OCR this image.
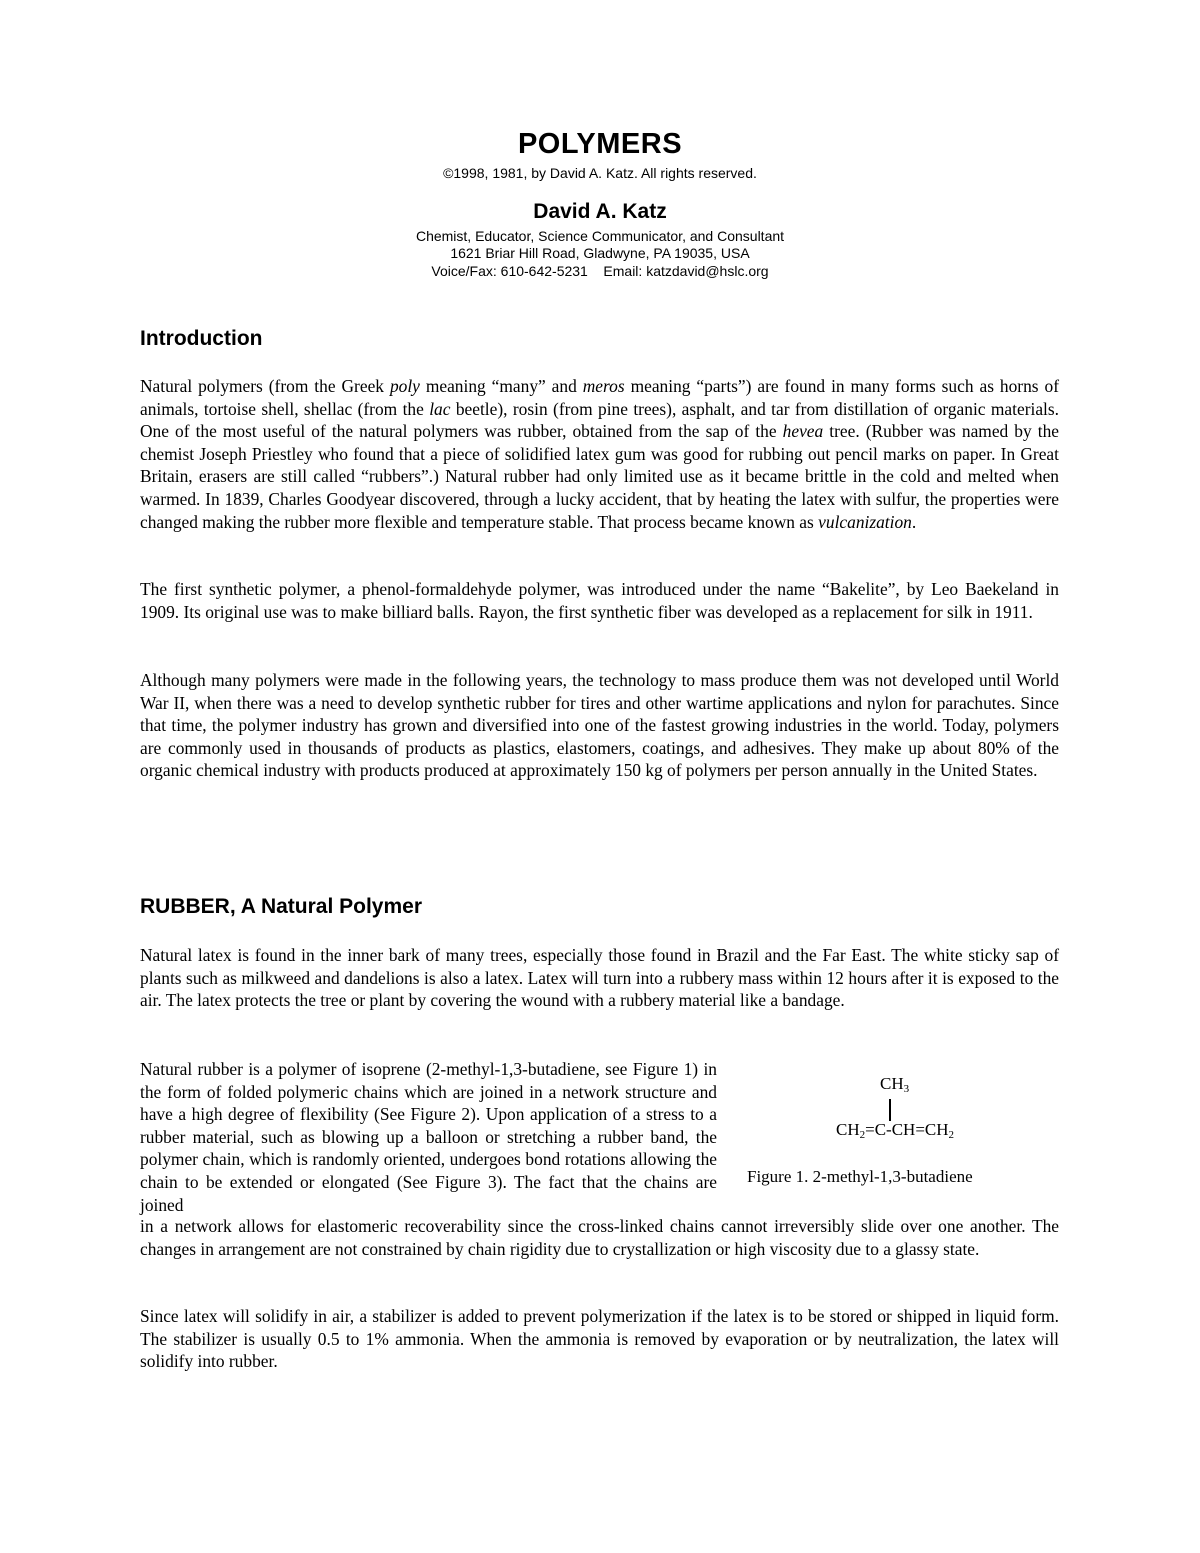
POLYMERS
©1998, 1981, by David A. Katz. All rights reserved.
David A. Katz
Chemist, Educator, Science Communicator, and Consultant
1621 Briar Hill Road, Gladwyne, PA 19035, USA
Voice/Fax: 610-642-5231    Email: katzdavid@hslc.org
Introduction

Natural polymers (from the Greek poly meaning “many” and meros meaning “parts”) are found in many forms such as horns of animals, tortoise shell, shellac (from the lac beetle), rosin (from pine trees), asphalt, and tar from distillation of organic materials. One of the most useful of the natural polymers was rubber, obtained from the sap of the hevea tree. (Rubber was named by the chemist Joseph Priestley who found that a piece of solidified latex gum was good for rubbing out pencil marks on paper. In Great Britain, erasers are still called “rubbers”.) Natural rubber had only limited use as it became brittle in the cold and melted when warmed. In 1839, Charles Goodyear discovered, through a lucky accident, that by heating the latex with sulfur, the properties were changed making the rubber more flexible and temperature stable. That process became known as vulcanization.

The first synthetic polymer, a phenol-formaldehyde polymer, was introduced under the name “Bakelite”, by Leo Baekeland in 1909. Its original use was to make billiard balls. Rayon, the first synthetic fiber was developed as a replacement for silk in 1911.

Although many polymers were made in the following years, the technology to mass produce them was not developed until World War II, when there was a need to develop synthetic rubber for tires and other wartime applications and nylon for parachutes. Since that time, the polymer industry has grown and diversified into one of the fastest growing industries in the world. Today, polymers are commonly used in thousands of products as plastics, elastomers, coatings, and adhesives. They make up about 80% of the organic chemical industry with products produced at approximately 150 kg of polymers per person annually in the United States.

RUBBER, A Natural Polymer

Natural latex is found in the inner bark of many trees, especially those found in Brazil and the Far East. The white sticky sap of plants such as milkweed and dandelions is also a latex. Latex will turn into a rubbery mass within 12 hours after it is exposed to the air. The latex protects the tree or plant by covering the wound with a rubbery material like a bandage.

Natural rubber is a polymer of isoprene (2-methyl-1,3-butadiene, see Figure 1) in the form of folded polymeric chains which are joined in a network structure and have a high degree of flexibility (See Figure 2). Upon application of a stress to a rubber material, such as blowing up a balloon or stretching a rubber band, the polymer chain, which is randomly oriented, undergoes bond rotations allowing the chain to be extended or elongated (See Figure 3). The fact that the chains are joined

in a network allows for elastomeric recoverability since the cross-linked chains cannot irreversibly slide over one another. The changes in arrangement are not constrained by chain rigidity due to crystallization or high viscosity due to a glassy state.

Since latex will solidify in air, a stabilizer is added to prevent polymerization if the latex is to be stored or shipped in liquid form. The stabilizer is usually 0.5 to 1% ammonia. When the ammonia is removed by evaporation or by neutralization, the latex will solidify into rubber.

$CH_3$
$CH_2=C-CH=CH_2$
Figure 1. 2-methyl-1,3-butadiene
